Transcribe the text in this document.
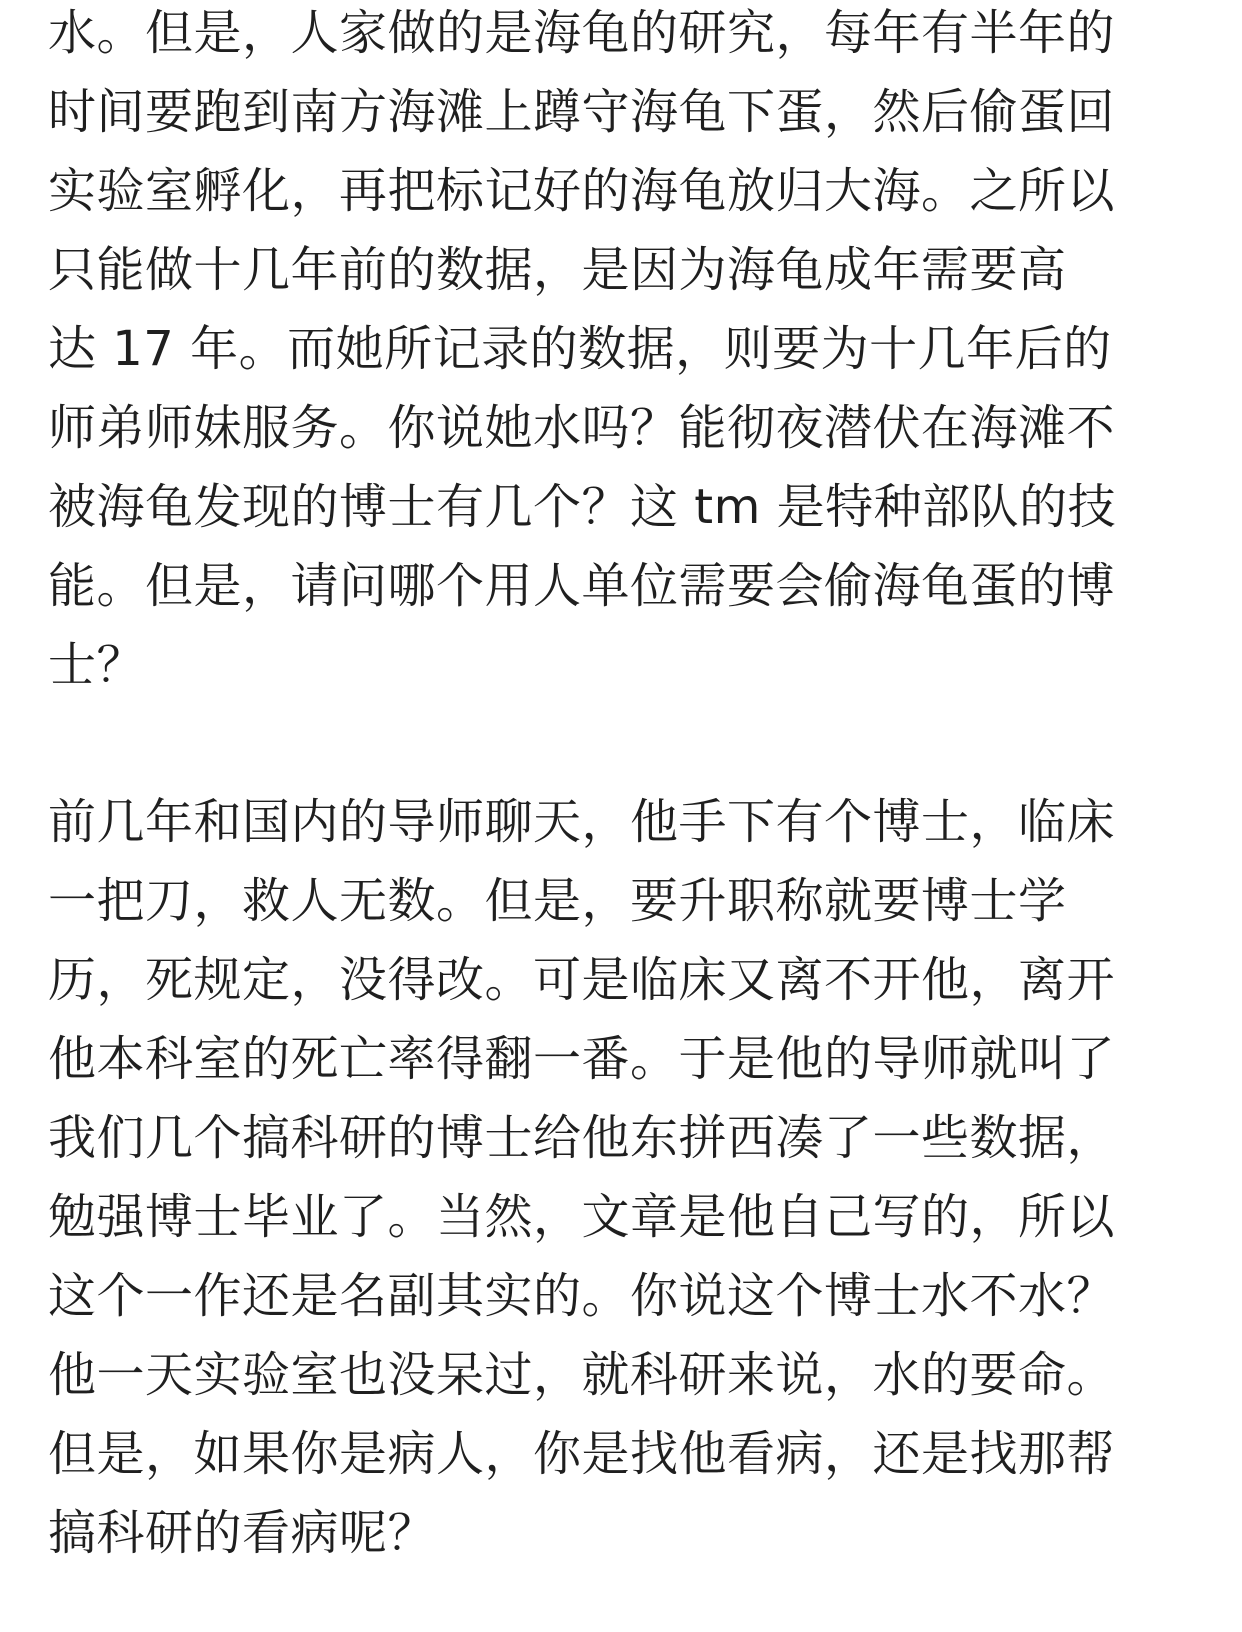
水。但是，人家做的是海龟的研究，每年有半年的
时间要跑到南方海滩上蹲守海龟下蛋，然后偷蛋回
实验室孵化，再把标记好的海龟放归大海。之所以
只能做十几年前的数据，是因为海龟成年需要高
达 17 年。而她所记录的数据，则要为十几年后的
师弟师妹服务。你说她水吗？能彻夜潜伏在海滩不
被海龟发现的博士有几个？这 tm 是特种部队的技
能。但是，请问哪个用人单位需要会偷海龟蛋的博
士？
前几年和国内的导师聊天，他手下有个博士，临床
一把刀，救人无数。但是，要升职称就要博士学
历，死规定，没得改。可是临床又离不开他，离开
他本科室的死亡率得翻一番。于是他的导师就叫了
我们几个搞科研的博士给他东拼西凑了一些数据，
勉强博士毕业了。当然，文章是他自己写的，所以
这个一作还是名副其实的。你说这个博士水不水？
他一天实验室也没呆过，就科研来说，水的要命。
但是，如果你是病人，你是找他看病，还是找那帮
搞科研的看病呢？
